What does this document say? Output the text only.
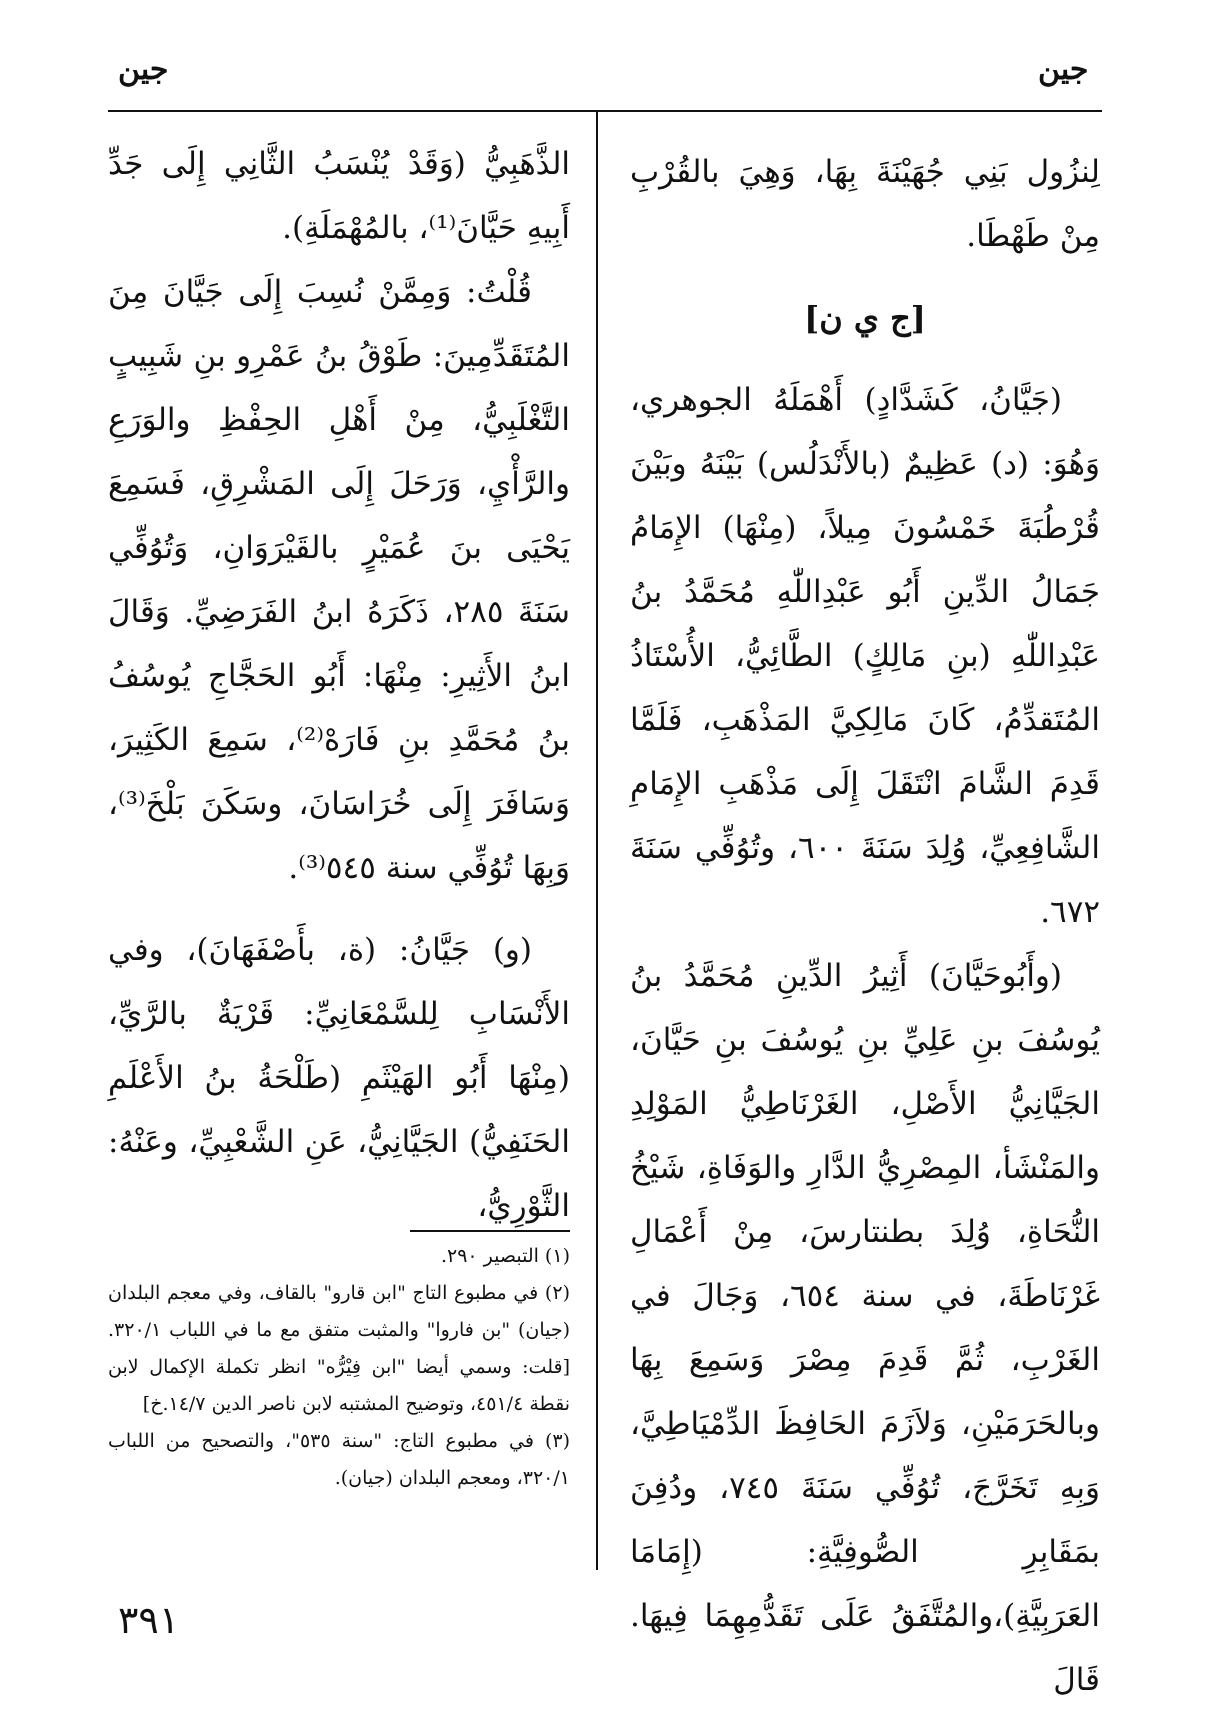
جين	جين

لِنزُول بَنِي جُهَيْنَةَ بِهَا، وَهِيَ بالقُرْبِ مِنْ طَهْطَا.

[ج ي ن]

(جَيَّانُ، كَشَدَّادٍ) أَهْمَلَهُ الجوهري، وَهُوَ: (د) عَظِيمٌ (بالأَنْدَلُس) بَيْنَهُ وبَيْنَ قُرْطُبَةَ خَمْسُونَ مِيلاً، (مِنْهَا) الإِمَامُ جَمَالُ الدِّينِ أَبُو عَبْدِاللّٰهِ مُحَمَّدُ بنُ عَبْدِاللّٰهِ (بنِ مَالِكٍ) الطَّائِيُّ، الأُسْتَاذُ المُتَقدِّمُ، كَانَ مَالِكِيَّ المَذْهَبِ، فَلَمَّا قَدِمَ الشَّامَ انْتَقَلَ إِلَى مَذْهَبِ الإِمَامِ الشَّافِعِيِّ، وُلِدَ سَنَةَ ٦٠٠، وتُوُفِّي سَنَةَ ٦٧٢.

(وأَبُوحَيَّانَ) أَثِيرُ الدِّينِ مُحَمَّدُ بنُ يُوسُفَ بنِ عَلِيِّ بنِ يُوسُفَ بنِ حَيَّانَ، الجَيَّانِيُّ الأَصْلِ، الغَرْنَاطِيُّ المَوْلِدِ والمَنْشَأ، المِصْرِيُّ الدَّارِ والوَفَاةِ، شَيْخُ النُّحَاةِ، وُلِدَ بطنتارسَ، مِنْ أَعْمَالِ غَرْنَاطَةَ، في سنة ٦٥٤، وَجَالَ في الغَرْبِ، ثُمَّ قَدِمَ مِصْرَ وَسَمِعَ بِهَا وبالحَرَمَيْنِ، وَلاَزَمَ الحَافِظَ الدِّمْيَاطِيَّ، وَبِهِ تَخَرَّجَ، تُوُفِّي سَنَةَ ٧٤٥، ودُفِنَ بمَقَابِرِ الصُّوفِيَّةِ: (إِمَامَا العَرَبِيَّةِ)،والمُتَّفَقُ عَلَى تَقَدُّمِهِمَا فِيهَا. قَالَ

الذَّهَبِيُّ (وَقَدْ يُنْسَبُ الثَّانِي إِلَى جَدِّ أَبِيهِ حَيَّانَ⁽¹⁾، بالمُهْمَلَةِ).

قُلْتُ: وَمِمَّنْ نُسِبَ إِلَى جَيَّانَ مِنَ المُتَقَدِّمِينَ: طَوْقُ بنُ عَمْرِو بنِ شَبِيبٍ التَّغْلَبِيُّ، مِنْ أَهْلِ الحِفْظِ والوَرَعِ والرَّأْيِ، وَرَحَلَ إِلَى المَشْرِقِ، فَسَمِعَ يَحْيَى بنَ عُمَيْرٍ بالقَيْرَوَانِ، وَتُوُفِّي سَنَةَ ٢٨٥، ذَكَرَهُ ابنُ الفَرَضِيِّ. وَقَالَ ابنُ الأَثِيرِ: مِنْهَا: أَبُو الحَجَّاجِ يُوسُفُ بنُ مُحَمَّدِ بنِ فَارَهْ⁽²⁾، سَمِعَ الكَثِيرَ، وَسَافَرَ إِلَى خُرَاسَانَ، وسَكَنَ بَلْخَ⁽³⁾، وَبِهَا تُوُفِّي سنة ٥٤٥⁽³⁾.

(و) جَيَّانُ: (ة، بأَصْفَهَانَ)، وفي الأَنْسَابِ لِلسَّمْعَانِيِّ: قَرْيَةٌ بالرَّيِّ، (مِنْهَا أَبُو الهَيْثَمِ (طَلْحَةُ بنُ الأَعْلَمِ الحَنَفِيُّ) الجَيَّانِيُّ، عَنِ الشَّعْبِيِّ، وعَنْهُ: الثَّوْرِيُّ،

(١) التبصير ٢٩٠.

(٢) في مطبوع التاج "ابن قارو" بالقاف، وفي معجم البلدان (جيان) "بن فاروا" والمثبت متفق مع ما في اللباب ٣٢٠/١. [قلت: وسمي أيضا "ابن فِيْرُّه" انظر تكملة الإكمال لابن نقطة ٤٥١/٤، وتوضيح المشتبه لابن ناصر الدين ١٤/٧.خ]

(٣) في مطبوع التاج: "سنة ٥٣٥"، والتصحيح من اللباب ٣٢٠/١، ومعجم البلدان (جيان).

٣٩١
